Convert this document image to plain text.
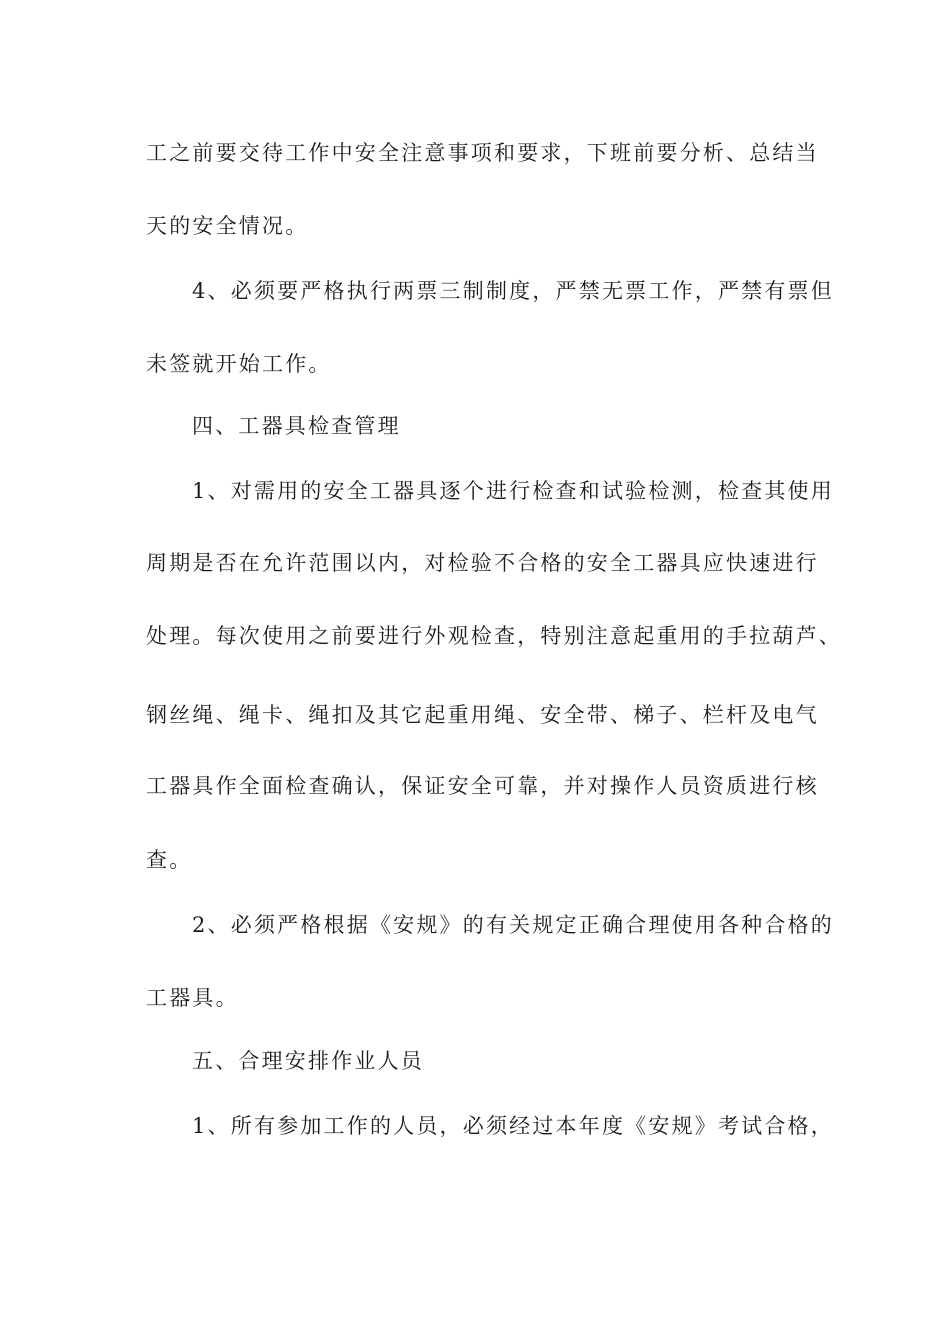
工之前要交待工作中安全注意事项和要求，下班前要分析、总结当
天的安全情况。
4、必须要严格执行两票三制制度，严禁无票工作，严禁有票但
未签就开始工作。
四、工器具检查管理
1、对需用的安全工器具逐个进行检查和试验检测，检查其使用
周期是否在允许范围以内，对检验不合格的安全工器具应快速进行
处理。每次使用之前要进行外观检查，特别注意起重用的手拉葫芦、
钢丝绳、绳卡、绳扣及其它起重用绳、安全带、梯子、栏杆及电气
工器具作全面检查确认，保证安全可靠，并对操作人员资质进行核
查。
2、必须严格根据《安规》的有关规定正确合理使用各种合格的
工器具。
五、合理安排作业人员
1、所有参加工作的人员，必须经过本年度《安规》考试合格，
